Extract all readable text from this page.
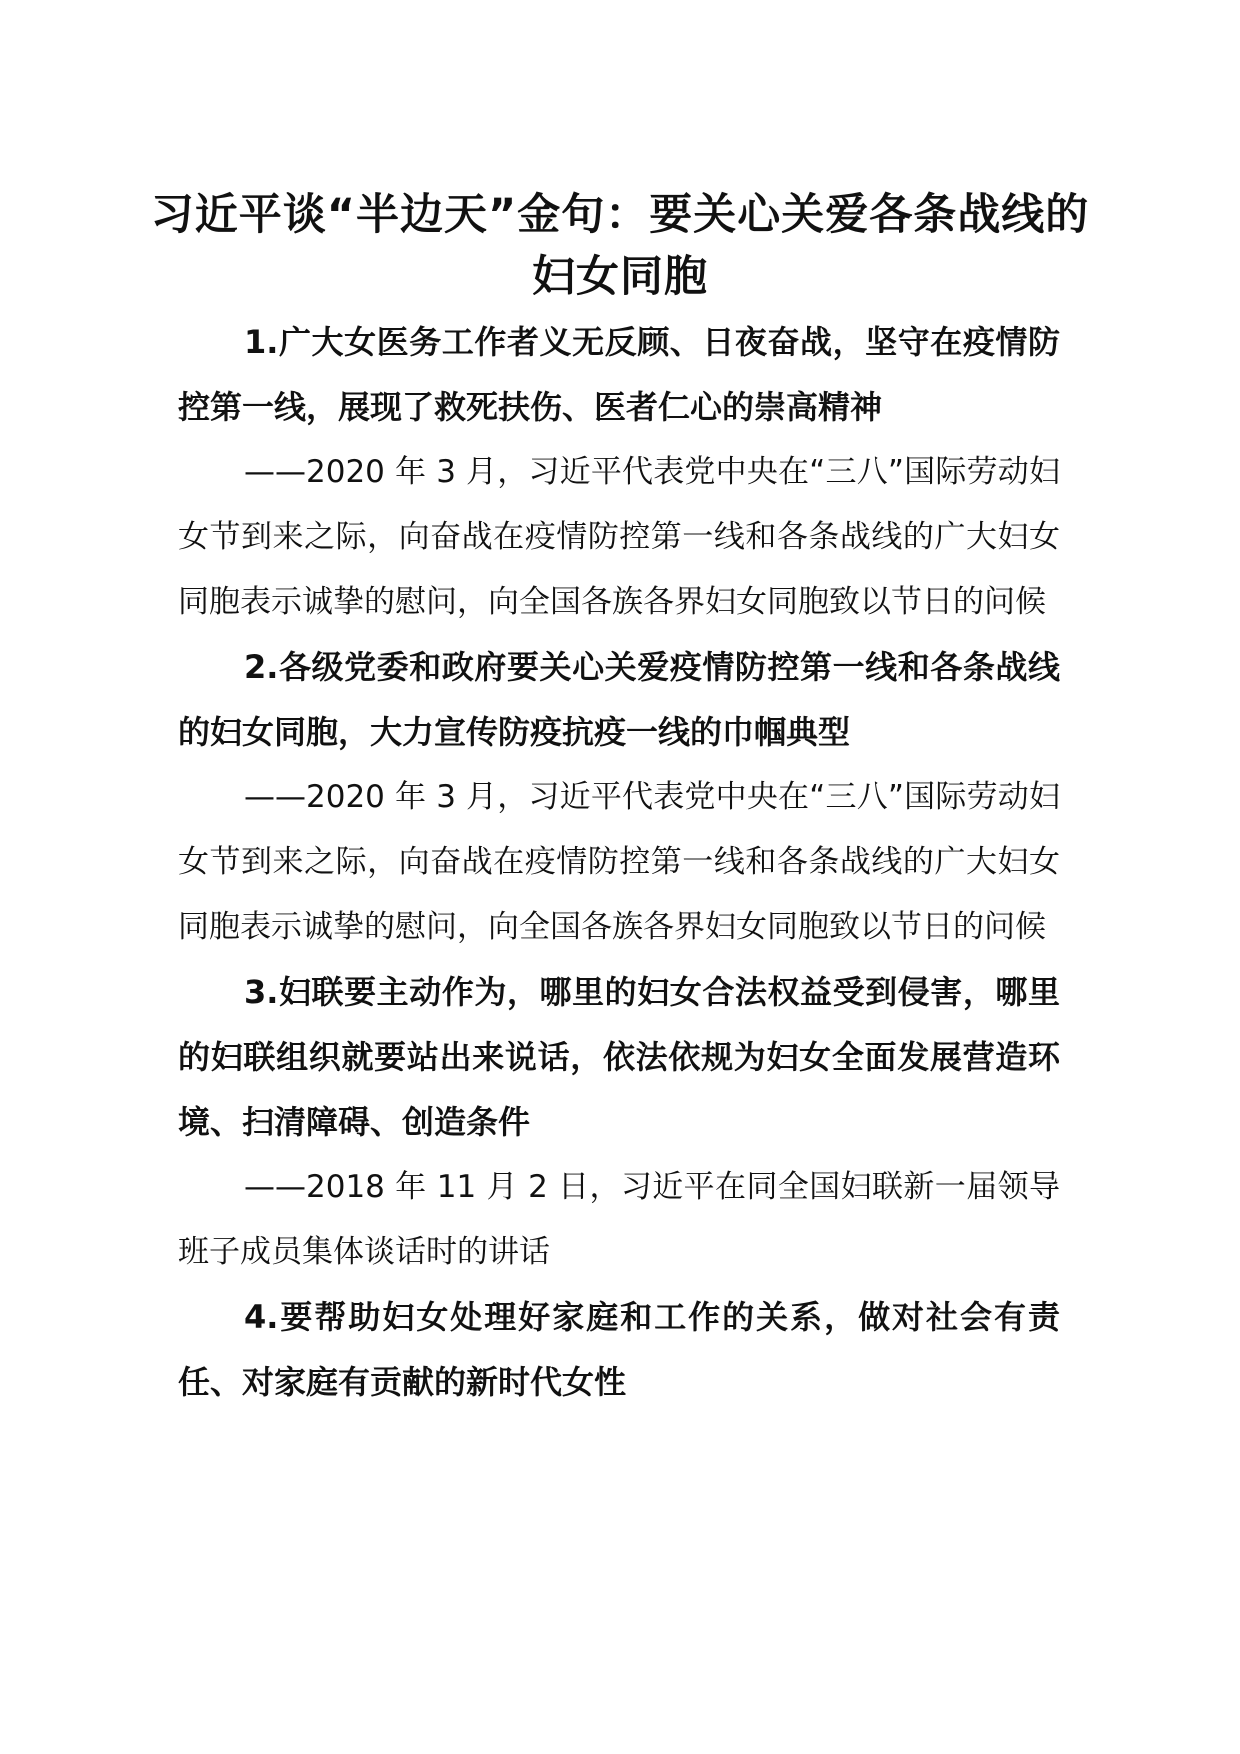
习近平谈“半边天”金句：要关心关爱各条战线的妇女同胞

1.广大女医务工作者义无反顾、日夜奋战，坚守在疫情防控第一线，展现了救死扶伤、医者仁心的崇高精神

——2020 年 3 月，习近平代表党中央在“三八”国际劳动妇女节到来之际，向奋战在疫情防控第一线和各条战线的广大妇女同胞表示诚挚的慰问，向全国各族各界妇女同胞致以节日的问候

2.各级党委和政府要关心关爱疫情防控第一线和各条战线的妇女同胞，大力宣传防疫抗疫一线的巾帼典型

——2020 年 3 月，习近平代表党中央在“三八”国际劳动妇女节到来之际，向奋战在疫情防控第一线和各条战线的广大妇女同胞表示诚挚的慰问，向全国各族各界妇女同胞致以节日的问候

3.妇联要主动作为，哪里的妇女合法权益受到侵害，哪里的妇联组织就要站出来说话，依法依规为妇女全面发展营造环境、扫清障碍、创造条件

——2018 年 11 月 2 日，习近平在同全国妇联新一届领导班子成员集体谈话时的讲话

4.要帮助妇女处理好家庭和工作的关系，做对社会有责任、对家庭有贡献的新时代女性
